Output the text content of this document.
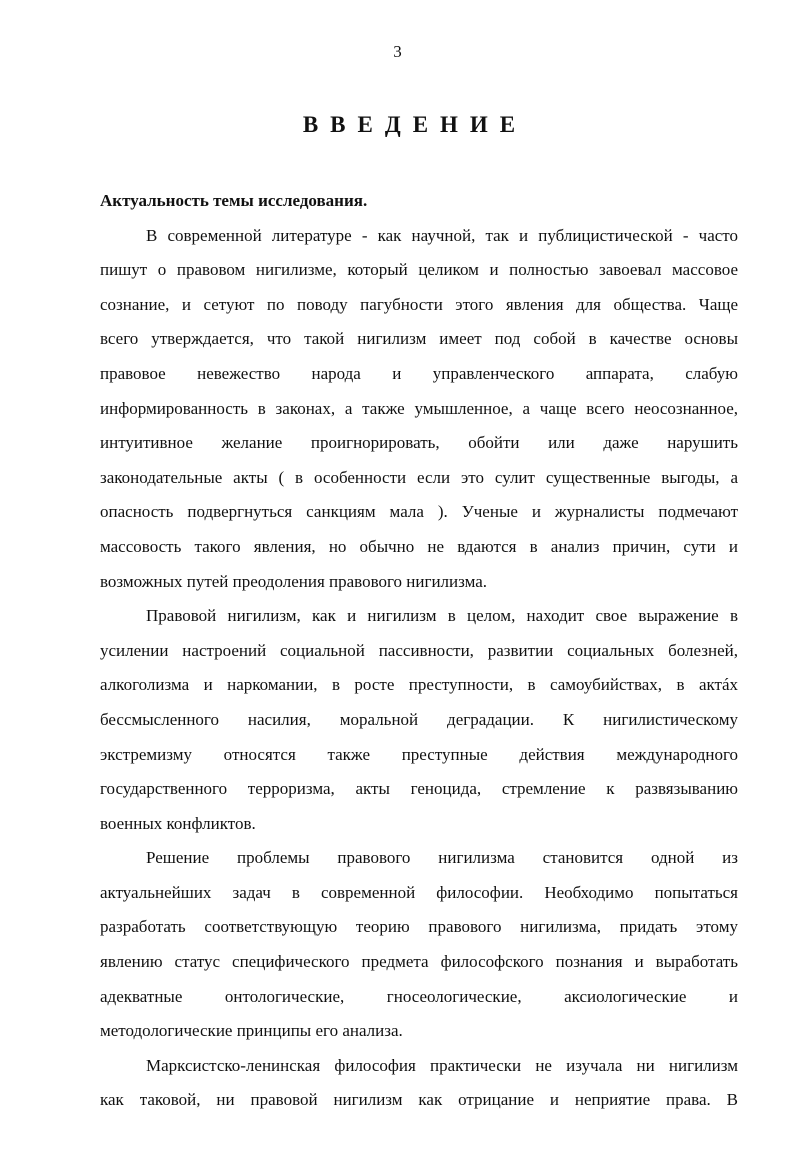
3
ВВЕДЕНИЕ

Актуальность темы исследования.

В современной литературе - как научной, так и публицистической - часто
пишут о правовом нигилизме, который целиком и полностью завоевал массовое
сознание, и сетуют по поводу пагубности этого явления для общества. Чаще
всего утверждается, что такой нигилизм имеет под собой в качестве основы
правовое невежество народа и управленческого аппарата, слабую
информированность в законах, а также умышленное, а чаще всего неосознанное,
интуитивное желание проигнорировать, обойти или даже нарушить
законодательные акты ( в особенности если это сулит существенные выгоды, а
опасность подвергнуться санкциям мала ). Ученые и журналисты подмечают
массовость такого явления, но обычно не вдаются в анализ причин, сути и
возможных путей преодоления правового нигилизма.
Правовой нигилизм, как и нигилизм в целом, находит свое выражение в
усилении настроений социальной пассивности, развитии социальных болезней,
алкоголизма и наркомании, в росте преступности, в самоубийствах, в актáх
бессмысленного насилия, моральной деградации. К нигилистическому
экстремизму относятся также преступные действия международного
государственного терроризма, акты геноцида, стремление к развязыванию
военных конфликтов.
Решение проблемы правового нигилизма становится одной из
актуальнейших задач в современной философии. Необходимо попытаться
разработать соответствующую теорию правового нигилизма, придать этому
явлению статус специфического предмета философского познания и выработать
адекватные онтологические, гносеологические, аксиологические и
методологические принципы его анализа.
Марксистско-ленинская философия практически не изучала ни нигилизм
как таковой, ни правовой нигилизм как отрицание и неприятие права. В
